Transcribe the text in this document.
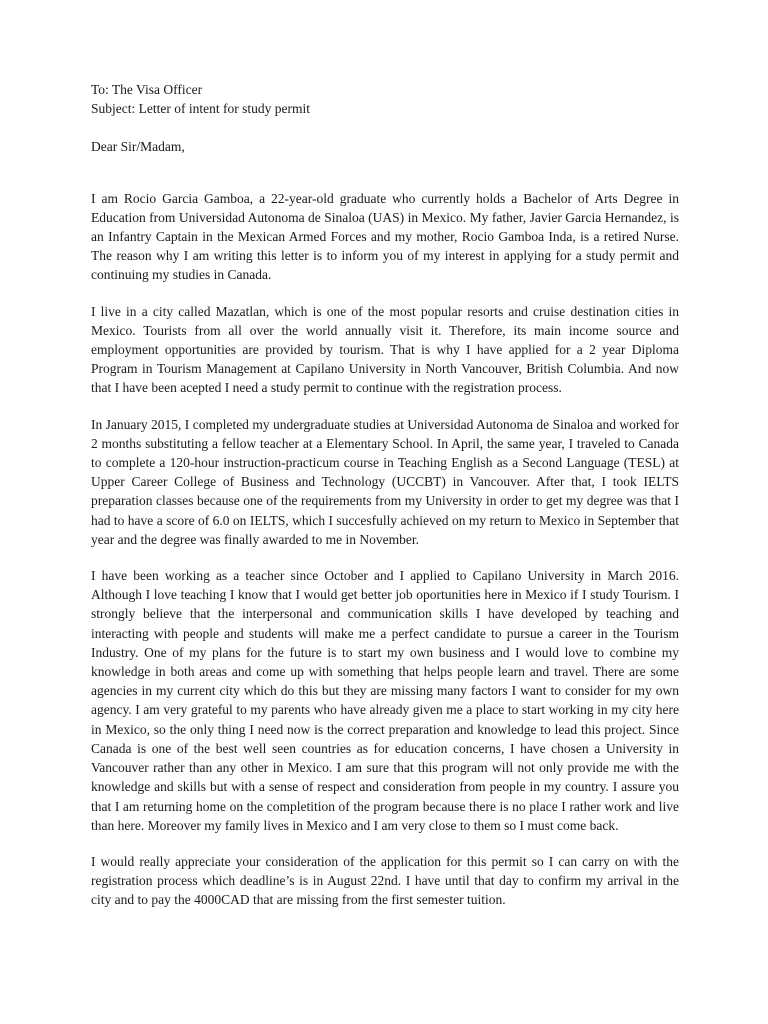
To: The Visa Officer
Subject: Letter of intent for study permit

Dear Sir/Madam,

I am Rocio Garcia Gamboa, a 22-year-old graduate who currently holds a Bachelor of Arts Degree in Education from Universidad Autonoma de Sinaloa (UAS) in Mexico. My father, Javier Garcia Hernandez, is an Infantry Captain in the Mexican Armed Forces and my mother, Rocio Gamboa Inda, is a retired Nurse. The reason why I am writing this letter is to inform you of my interest in applying for a study permit and continuing my studies in Canada.

I live in a city called Mazatlan, which is one of the most popular resorts and cruise destination cities in Mexico. Tourists from all over the world annually visit it. Therefore, its main income source and employment opportunities are provided by tourism. That is why I have applied for a 2 year Diploma Program in Tourism Management at Capilano University in North Vancouver, British Columbia. And now that I have been acepted I need a study permit to continue with the registration process.

In January 2015, I completed my undergraduate studies at Universidad Autonoma de Sinaloa and worked for 2 months substituting a fellow teacher at a Elementary School. In April, the same year, I traveled to Canada to complete a 120-hour instruction-practicum course in Teaching English as a Second Language (TESL) at Upper Career College of Business and Technology (UCCBT) in Vancouver. After that, I took IELTS preparation classes because one of the requirements from my University in order to get my degree was that I had to have a score of 6.0 on IELTS, which I succesfully achieved on my return to Mexico in September that year and the degree was finally awarded to me in November.

I have been working as a teacher since October and I applied to Capilano University in March 2016. Although I love teaching I know that I would get better job oportunities here in Mexico if I study Tourism. I strongly believe that the interpersonal and communication skills I have developed by teaching and interacting with people and students will make me a perfect candidate to pursue a career in the Tourism Industry. One of my plans for the future is to start my own business and I would love to combine my knowledge in both areas and come up with something that helps people learn and travel. There are some agencies in my current city which do this but they are missing many factors I want to consider for my own agency. I am very grateful to my parents who have already given me a place to start working in my city here in Mexico, so the only thing I need now is the correct preparation and knowledge to lead this project. Since Canada is one of the best well seen countries as for education concerns, I have chosen a University in Vancouver rather than any other in Mexico. I am sure that this program will not only provide me with the knowledge and skills but with a sense of respect and consideration from people in my country. I assure you that I am returning home on the completition of the program because there is no place I rather work and live than here. Moreover my family lives in Mexico and I am very close to them so I must come back.

I would really appreciate your consideration of the application for this permit so I can carry on with the registration process which deadline’s is in August 22nd. I have until that day to confirm my arrival in the city and to pay the 4000CAD that are missing from the first semester tuition.
